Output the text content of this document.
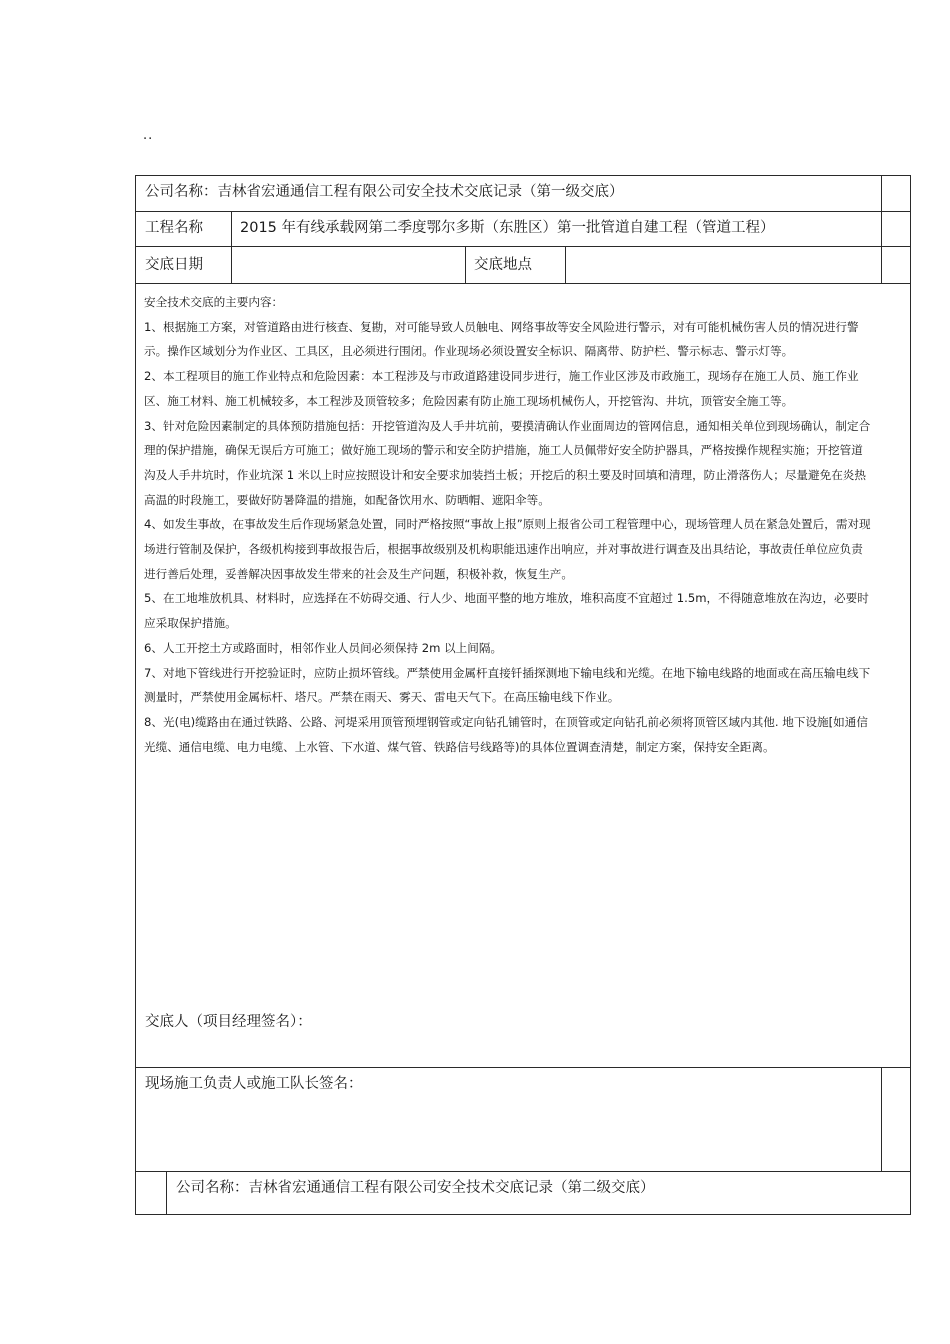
..
公司名称：吉林省宏通通信工程有限公司安全技术交底记录（第一级交底）
工程名称	2015 年有线承载网第二季度鄂尔多斯（东胜区）第一批管道自建工程（管道工程）
交底日期	交底地点

安全技术交底的主要内容：

1、根据施工方案，对管道路由进行核查、复勘，对可能导致人员触电、网络事故等安全风险进行警示，对有可能机械伤害人员的情况进行警示。操作区域划分为作业区、工具区，且必须进行围闭。作业现场必须设置安全标识、隔离带、防护栏、警示标志、警示灯等。

2、本工程项目的施工作业特点和危险因素：本工程涉及与市政道路建设同步进行，施工作业区涉及市政施工，现场存在施工人员、施工作业区、施工材料、施工机械较多，本工程涉及顶管较多；危险因素有防止施工现场机械伤人，开挖管沟、井坑，顶管安全施工等。

3、针对危险因素制定的具体预防措施包括：开挖管道沟及人手井坑前，要摸清确认作业面周边的管网信息，通知相关单位到现场确认，制定合理的保护措施，确保无误后方可施工；做好施工现场的警示和安全防护措施，施工人员佩带好安全防护器具，严格按操作规程实施；开挖管道沟及人手井坑时，作业坑深 1 米以上时应按照设计和安全要求加装挡土板；开挖后的积土要及时回填和清理，防止滑落伤人；尽量避免在炎热高温的时段施工，要做好防暑降温的措施，如配备饮用水、防晒帽、遮阳伞等。

4、如发生事故，在事故发生后作现场紧急处置，同时严格按照“事故上报”原则上报省公司工程管理中心，现场管理人员在紧急处置后，需对现场进行管制及保护，各级机构接到事故报告后，根据事故级别及机构职能迅速作出响应，并对事故进行调查及出具结论，事故责任单位应负责进行善后处理，妥善解决因事故发生带来的社会及生产问题，积极补救，恢复生产。

5、在工地堆放机具、材料时，应选择在不妨碍交通、行人少、地面平整的地方堆放，堆积高度不宜超过 1.5m，不得随意堆放在沟边，必要时应采取保护措施。

6、人工开挖土方或路面时，相邻作业人员间必须保持 2m 以上间隔。

7、对地下管线进行开挖验证时，应防止损坏管线。严禁使用金属杆直接钎插探测地下输电线和光缆。在地下输电线路的地面或在高压输电线下测量时，严禁使用金属标杆、塔尺。严禁在雨天、雾天、雷电天气下。在高压输电线下作业。

8、光(电)缆路由在通过铁路、公路、河堤采用顶管预埋钢管或定向钻孔铺管时，在顶管或定向钻孔前必须将顶管区域内其他. 地下设施[如通信光缆、通信电缆、电力电缆、上水管、下水道、煤气管、铁路信号线路等)的具体位置调查清楚，制定方案，保持安全距离。

交底人（项目经理签名）：
现场施工负责人或施工队长签名：
公司名称：吉林省宏通通信工程有限公司安全技术交底记录（第二级交底）
